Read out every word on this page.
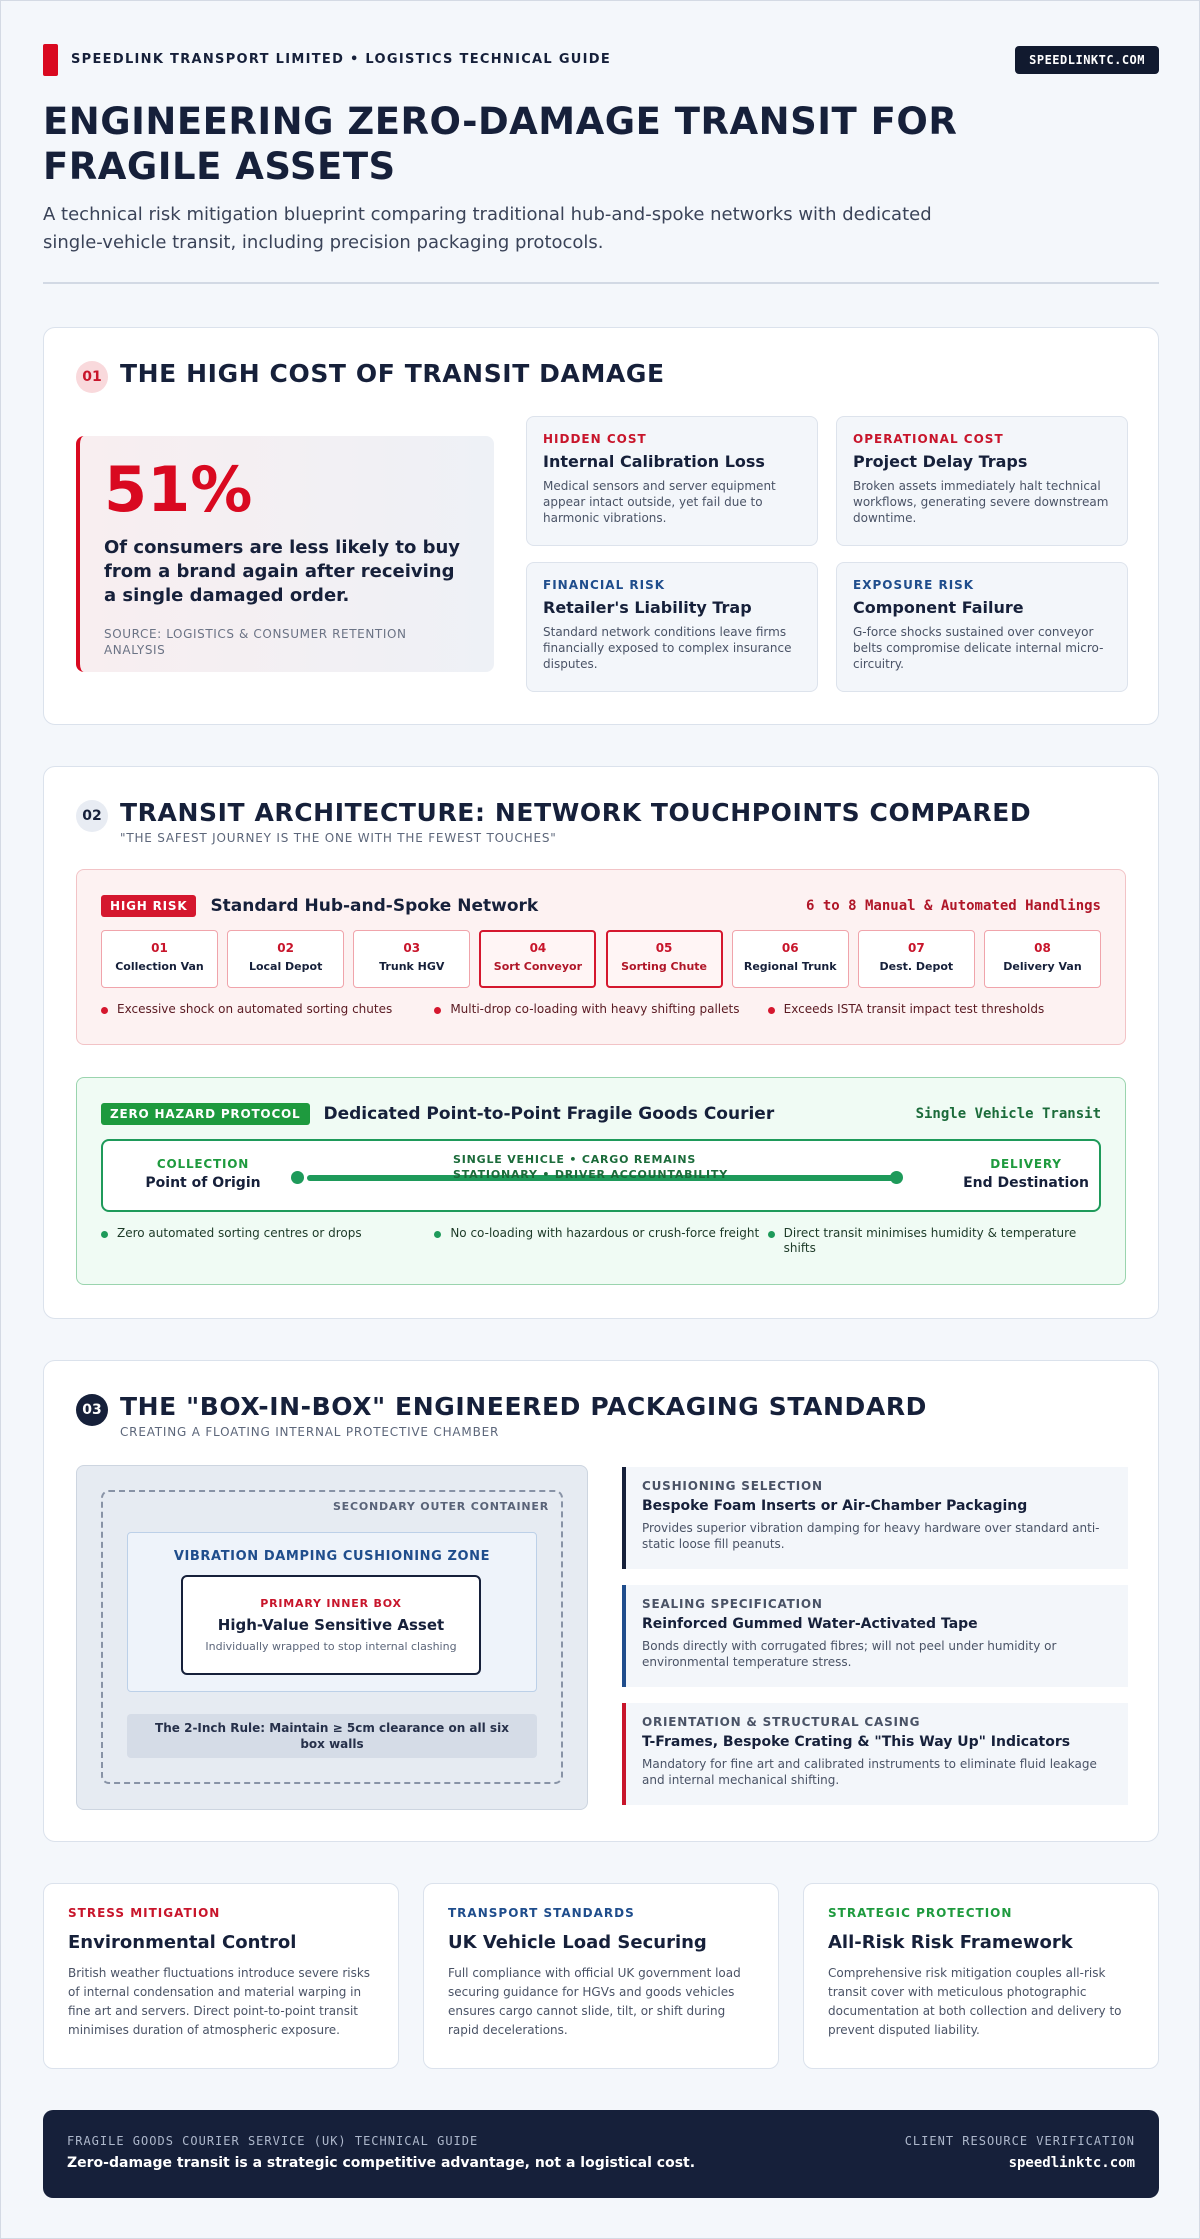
SPEEDLINK TRANSPORT LIMITED • LOGISTICS TECHNICAL GUIDE	SPEEDLINKTC.COM
ENGINEERING ZERO-DAMAGE TRANSIT FOR FRAGILE ASSETS

A technical risk mitigation blueprint comparing traditional hub-and-spoke networks with dedicated single-vehicle transit, including precision packaging protocols.

01 THE HIGH COST OF TRANSIT DAMAGE
51%
Of consumers are less likely to buy from a brand again after receiving a single damaged order.
SOURCE: LOGISTICS & CONSUMER RETENTION ANALYSIS
HIDDEN COST
Internal Calibration Loss
Medical sensors and server equipment appear intact outside, yet fail due to harmonic vibrations.
OPERATIONAL COST
Project Delay Traps
Broken assets immediately halt technical workflows, generating severe downstream downtime.
FINANCIAL RISK
Retailer's Liability Trap
Standard network conditions leave firms financially exposed to complex insurance disputes.
EXPOSURE RISK
Component Failure
G-force shocks sustained over conveyor belts compromise delicate internal micro-circuitry.
02 TRANSIT ARCHITECTURE: NETWORK TOUCHPOINTS COMPARED
"THE SAFEST JOURNEY IS THE ONE WITH THE FEWEST TOUCHES"
HIGH RISK	Standard Hub-and-Spoke Network	6 to 8 Manual & Automated Handlings
01
Collection Van
02
Local Depot
03
Trunk HGV
04
Sort Conveyor
05
Sorting Chute
06
Regional Trunk
07
Dest. Depot
08
Delivery Van
Excessive shock on automated sorting chutes	Multi-drop co-loading with heavy shifting pallets	Exceeds ISTA transit impact test thresholds
ZERO HAZARD PROTOCOL	Dedicated Point-to-Point Fragile Goods Courier	Single Vehicle Transit
COLLECTION
Point of Origin
SINGLE VEHICLE • CARGO REMAINS STATIONARY • DRIVER ACCOUNTABILITY
DELIVERY
End Destination
Zero automated sorting centres or drops	No co-loading with hazardous or crush-force freight Direct transit minimises humidity & temperature shifts
03 THE "BOX-IN-BOX" ENGINEERED PACKAGING STANDARD
CREATING A FLOATING INTERNAL PROTECTIVE CHAMBER
SECONDARY OUTER CONTAINER
VIBRATION DAMPING CUSHIONING ZONE
PRIMARY INNER BOX
High-Value Sensitive Asset
Individually wrapped to stop internal clashing
The 2-Inch Rule: Maintain ≥ 5cm clearance on all six box walls
CUSHIONING SELECTION
Bespoke Foam Inserts or Air-Chamber Packaging
Provides superior vibration damping for heavy hardware over standard anti-static loose fill peanuts.
SEALING SPECIFICATION
Reinforced Gummed Water-Activated Tape
Bonds directly with corrugated fibres; will not peel under humidity or environmental temperature stress.
ORIENTATION & STRUCTURAL CASING
T-Frames, Bespoke Crating & "This Way Up" Indicators
Mandatory for fine art and calibrated instruments to eliminate fluid leakage and internal mechanical shifting.
STRESS MITIGATION
Environmental Control
British weather fluctuations introduce severe risks of internal condensation and material warping in fine art and servers. Direct point-to-point transit minimises duration of atmospheric exposure.
TRANSPORT STANDARDS
UK Vehicle Load Securing
Full compliance with official UK government load securing guidance for HGVs and goods vehicles ensures cargo cannot slide, tilt, or shift during rapid decelerations.
STRATEGIC PROTECTION
All-Risk Risk Framework
Comprehensive risk mitigation couples all-risk transit cover with meticulous photographic documentation at both collection and delivery to prevent disputed liability.
FRAGILE GOODS COURIER SERVICE (UK) TECHNICAL GUIDE
Zero-damage transit is a strategic competitive advantage, not a logistical cost.
CLIENT RESOURCE VERIFICATION
speedlinktc.com
